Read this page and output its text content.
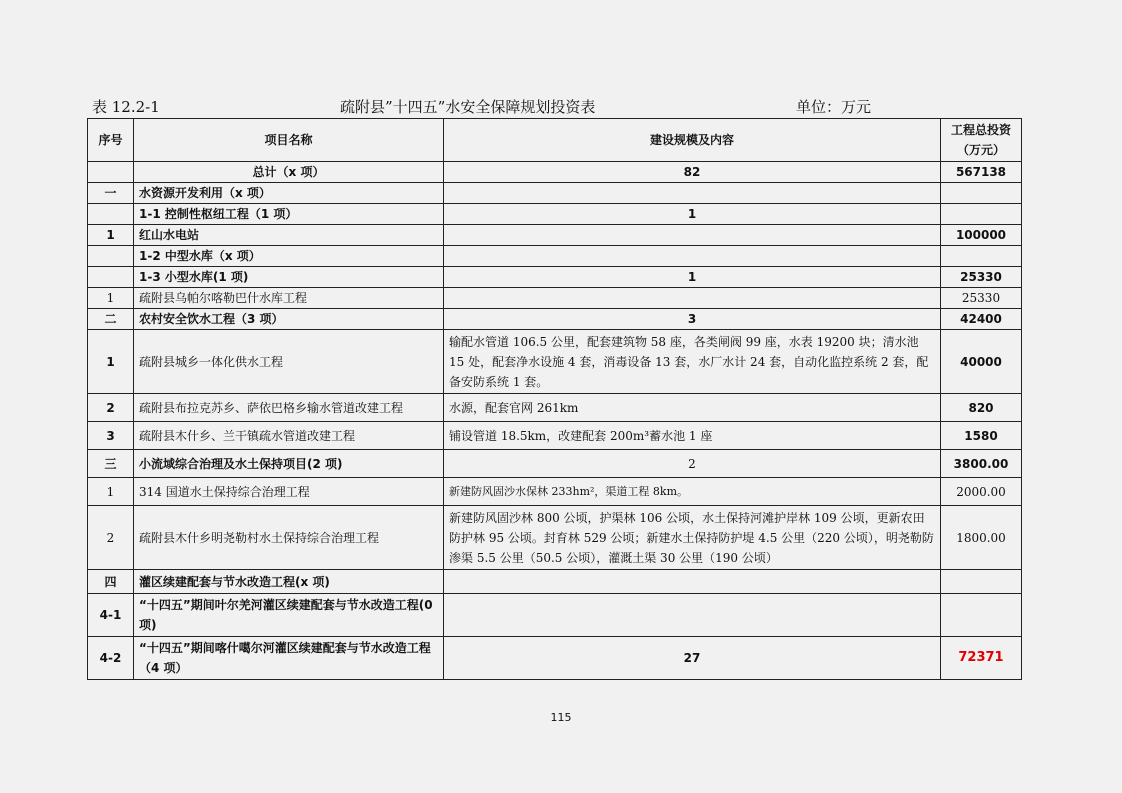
表 12.2-1	疏附县”十四五”水安全保障规划投资表	单位：万元
序号	项目名称	建设规模及内容	工程总投资
（万元）

	总计（x 项）	82	567138
一	水资源开发利用（x 项）		
	1-1 控制性枢纽工程（1 项）	1	
1	红山水电站		100000
	1-2 中型水库（x 项）		
	1-3 小型水库(1 项)	1	25330
1	疏附县乌帕尔喀勒巴什水库工程		25330
二	农村安全饮水工程（3 项）	3	42400
1	疏附县城乡一体化供水工程	输配水管道 106.5 公里，配套建筑物 58 座，各类闸阀 99 座，水表 19200 块；清水池 15 处，配套净水设施 4 套，消毒设备 13 套，水厂水计 24 套，自动化监控系统 2 套，配备安防系统 1 套。	40000
2	疏附县布拉克苏乡、萨依巴格乡输水管道改建工程	水源，配套官网 261km	820
3	疏附县木什乡、兰干镇疏水管道改建工程	铺设管道 18.5km，改建配套 200m³蓄水池 1 座	1580
三	小流域综合治理及水土保持项目(2 项)	2	3800.00
1	314 国道水土保持综合治理工程	新建防风固沙水保林 233hm²，渠道工程 8km。	2000.00
2	疏附县木什乡明尧勒村水土保持综合治理工程	新建防风固沙林 800 公顷，护渠林 106 公顷，水土保持河滩护岸林 109 公顷，更新农田防护林 95 公顷。封育林 529 公顷；新建水土保持防护堤 4.5 公里（220 公顷），明尧勒防渗渠 5.5 公里（50.5 公顷），灌溉土渠 30 公里（190 公顷）	1800.00
四	灌区续建配套与节水改造工程(x 项)		
4-1	“十四五”期间叶尔羌河灌区续建配套与节水改造工程(0 项)		
4-2	“十四五”期间喀什噶尔河灌区续建配套与节水改造工程（4 项）	27	72371
115
